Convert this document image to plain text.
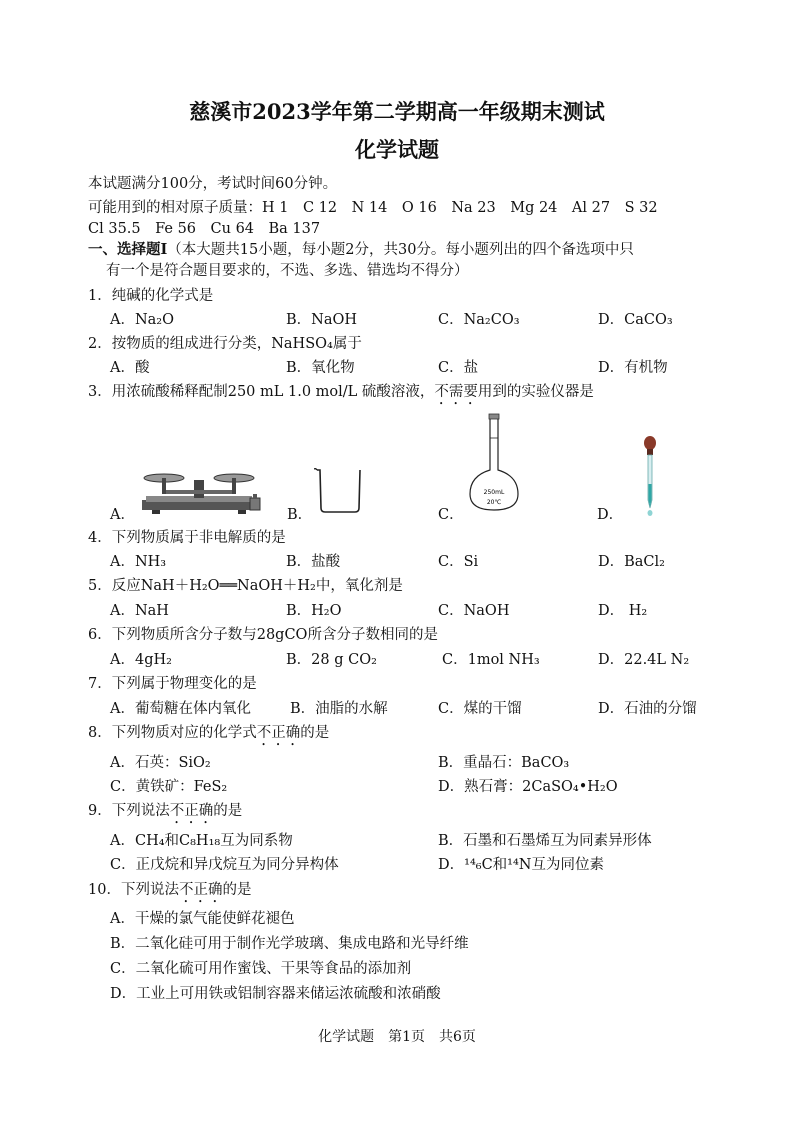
慈溪市2023学年第二学期高一年级期末测试
化学试题
本试题满分100分，考试时间60分钟。
可能用到的相对原子质量：H 1　C 12　N 14　O 16　Na 23　Mg 24　Al 27　S 32
Cl 35.5　Fe 56　Cu 64　Ba 137
一、选择题Ⅰ（本大题共15小题，每小题2分，共30分。每小题列出的四个备选项中只
有一个是符合题目要求的，不选、多选、错选均不得分）
1．纯碱的化学式是
A．Na₂O	B．NaOH	C．Na₂CO₃	D．CaCO₃
2．按物质的组成进行分类，NaHSO₄属于
A．酸	B．氧化物	C．盐	D．有机物
3．用浓硫酸稀释配制250 mL 1.0 mol/L 硫酸溶液，不需要用到的实验仪器是
A．	B．	C．
250mL
20℃
D．
4．下列物质属于非电解质的是
A．NH₃	B．盐酸	C．Si	D．BaCl₂
5．反应NaH＋H₂O══NaOH＋H₂中，氧化剂是
A．NaH	B．H₂O	C．NaOH	D． H₂
6．下列物质所含分子数与28gCO所含分子数相同的是
A．4gH₂	B．28 g CO₂	C．1mol NH₃	D．22.4L N₂
7．下列属于物理变化的是
A．葡萄糖在体内氧化	B．油脂的水解	C．煤的干馏	D．石油的分馏
8．下列物质对应的化学式不正确的是
A．石英：SiO₂	B．重晶石：BaCO₃
C．黄铁矿：FeS₂	D．熟石膏：2CaSO₄•H₂O
9．下列说法不正确的是
A．CH₄和C₈H₁₈互为同系物	B．石墨和石墨烯互为同素异形体
C．正戊烷和异戊烷互为同分异构体	D．¹⁴₆C和¹⁴N互为同位素
10．下列说法不正确的是
A．干燥的氯气能使鲜花褪色
B．二氧化硅可用于制作光学玻璃、集成电路和光导纤维
C．二氧化硫可用作蜜饯、干果等食品的添加剂
D．工业上可用铁或铝制容器来储运浓硫酸和浓硝酸
化学试题　第1页　共6页
